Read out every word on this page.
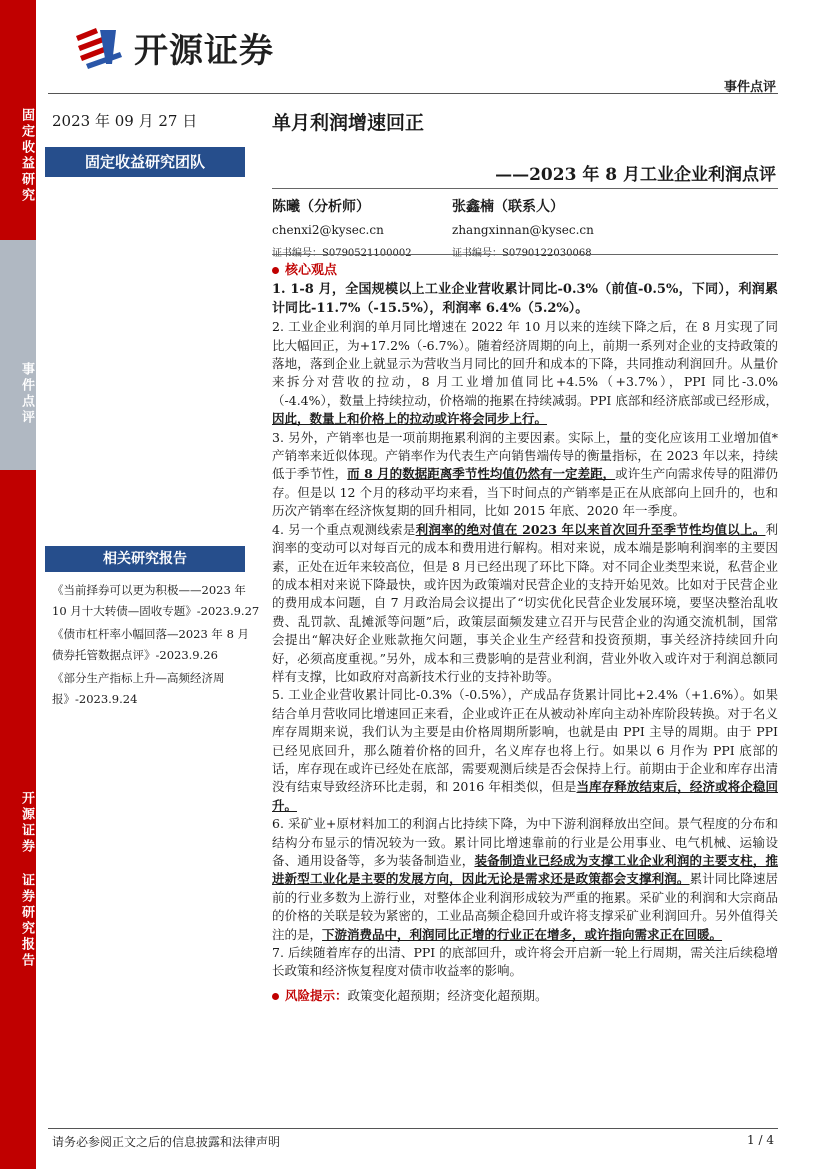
固定收益研究
事件点评
开源证券 证券研究报告
开源证券
事件点评
2023 年 09 月 27 日	单月利润增速回正
固定收益研究团队
——2023 年 8 月工业企业利润点评
陈曦（分析师）
chenxi2@kysec.cn
证书编号：S0790521100002
张鑫楠（联系人）
zhangxinnan@kysec.cn
证书编号：S0790122030068
相关研究报告
《当前择券可以更为积极——2023 年 10 月十大转债—固收专题》-2023.9.27
《债市杠杆率小幅回落—2023 年 8 月债券托管数据点评》-2023.9.26
《部分生产指标上升—高频经济周报》-2023.9.24
核心观点

1. 1-8 月，全国规模以上工业企业营收累计同比-0.3%（前值-0.5%，下同），利润累计同比-11.7%（-15.5%），利润率 6.4%（5.2%）。

2. 工业企业利润的单月同比增速在 2022 年 10 月以来的连续下降之后，在 8 月实现了同比大幅回正，为+17.2%（-6.7%）。随着经济周期的向上，前期一系列对企业的支持政策的落地，落到企业上就显示为营收当月同比的回升和成本的下降，共同推动利润回升。从量价来拆分对营收的拉动，8 月工业增加值同比+4.5%（+3.7%），PPI 同比-3.0%（-4.4%），数量上持续拉动，价格端的拖累在持续减弱。PPI 底部和经济底部或已经形成，因此，数量上和价格上的拉动或许将会同步上行。

3. 另外，产销率也是一项前期拖累利润的主要因素。实际上，量的变化应该用工业增加值*产销率来近似体现。产销率作为代表生产向销售端传导的衡量指标，在 2023 年以来，持续低于季节性，而 8 月的数据距离季节性均值仍然有一定差距，或许生产向需求传导的阻滞仍存。但是以 12 个月的移动平均来看，当下时间点的产销率是正在从底部向上回升的，也和历次产销率在经济恢复期的回升相同，比如 2015 年底、2020 年一季度。

4. 另一个重点观测线索是利润率的绝对值在 2023 年以来首次回升至季节性均值以上。利润率的变动可以对每百元的成本和费用进行解构。相对来说，成本端是影响利润率的主要因素，正处在近年来较高位，但是 8 月已经出现了环比下降。对不同企业类型来说，私营企业的成本相对来说下降最快，或许因为政策端对民营企业的支持开始见效。比如对于民营企业的费用成本问题，自 7 月政治局会议提出了“切实优化民营企业发展环境，要坚决整治乱收费、乱罚款、乱摊派等问题”后，政策层面频发建立召开与民营企业的沟通交流机制，国常会提出“解决好企业账款拖欠问题，事关企业生产经营和投资预期，事关经济持续回升向好，必须高度重视。”另外，成本和三费影响的是营业利润，营业外收入或许对于利润总额同样有支撑，比如政府对高新技术行业的支持补助等。

5. 工业企业营收累计同比-0.3%（-0.5%），产成品存货累计同比+2.4%（+1.6%）。如果结合单月营收同比增速回正来看，企业或许正在从被动补库向主动补库阶段转换。对于名义库存周期来说，我们认为主要是由价格周期所影响，也就是由 PPI 主导的周期。由于 PPI 已经见底回升，那么随着价格的回升，名义库存也将上行。如果以 6 月作为 PPI 底部的话，库存现在或许已经处在底部，需要观测后续是否会保持上行。前期由于企业和库存出清没有结束导致经济环比走弱，和 2016 年相类似，但是当库存释放结束后，经济或将企稳回升。

6. 采矿业+原材料加工的利润占比持续下降，为中下游利润释放出空间。景气程度的分布和结构分布显示的情况较为一致。累计同比增速靠前的行业是公用事业、电气机械、运输设备、通用设备等，多为装备制造业，装备制造业已经成为支撑工业企业利润的主要支柱，推进新型工业化是主要的发展方向，因此无论是需求还是政策都会支撑利润。累计同比降速居前的行业多数为上游行业，对整体企业利润形成较为严重的拖累。采矿业的利润和大宗商品的价格的关联是较为紧密的，工业品高频企稳回升或许将支撑采矿业利润回升。另外值得关注的是，下游消费品中，利润同比正增的行业正在增多，或许指向需求正在回暖。

7. 后续随着库存的出清、PPI 的底部回升，或许将会开启新一轮上行周期，需关注后续稳增长政策和经济恢复程度对债市收益率的影响。

风险提示：政策变化超预期；经济变化超预期。
请务必参阅正文之后的信息披露和法律声明	1 / 4
